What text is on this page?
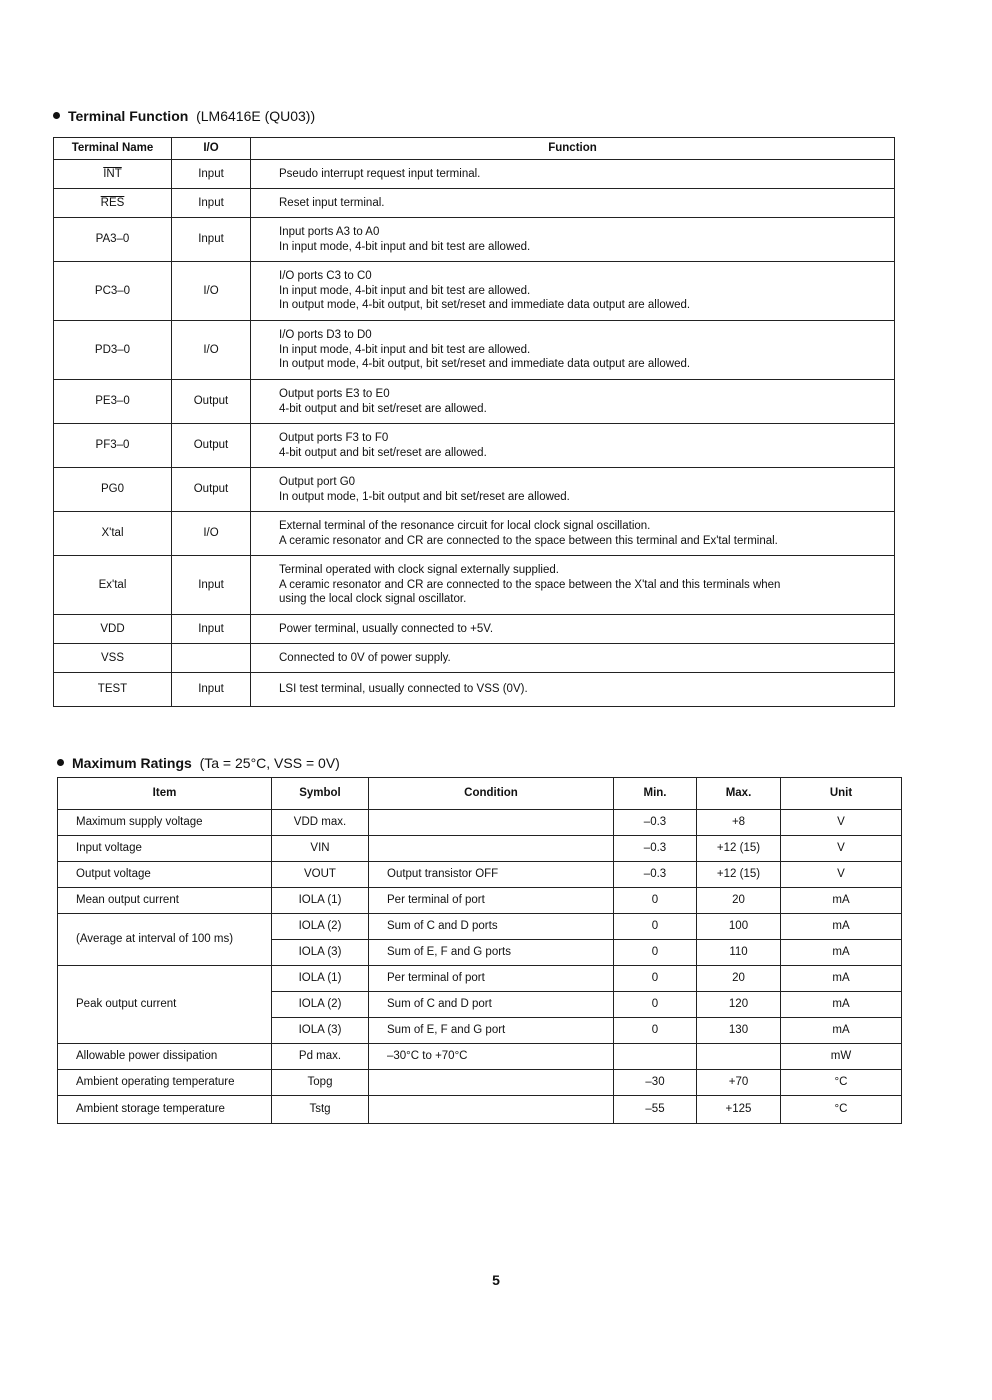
Terminal Function (LM6416E (QU03))
Terminal Name	I/O	Function
$\overline{INT}$	Input	Pseudo interrupt request input terminal.

$\overline{RES}$	Input	Reset input terminal.

PA3–0	Input	Input ports A3 to A0
In input mode, 4-bit input and bit test are allowed.

PC3–0	I/O	I/O ports C3 to C0
In input mode, 4-bit input and bit test are allowed.
In output mode, 4-bit output, bit set/reset and immediate data output are allowed.

PD3–0	I/O	I/O ports D3 to D0
In input mode, 4-bit input and bit test are allowed.
In output mode, 4-bit output, bit set/reset and immediate data output are allowed.

PE3–0	Output	Output ports E3 to E0
4-bit output and bit set/reset are allowed.

PF3–0	Output	Output ports F3 to F0
4-bit output and bit set/reset are allowed.

PG0	Output	Output port G0
In output mode, 1-bit output and bit set/reset are allowed.

X'tal	I/O	External terminal of the resonance circuit for local clock signal oscillation.
A ceramic resonator and CR are connected to the space between this terminal and Ex'tal terminal.

Ex'tal	Input	Terminal operated with clock signal externally supplied.
A ceramic resonator and CR are connected to the space between the X'tal and this terminals when
using the local clock signal oscillator.

VDD	Input	Power terminal, usually connected to +5V.

VSS		Connected to 0V of power supply.

TEST	Input	LSI test terminal, usually connected to VSS (0V).
Maximum Ratings (Ta = 25°C, VSS = 0V)
Item	Symbol	Condition	Min.	Max.	Unit
Maximum supply voltage	VDD max.		–0.3	+8	V
Input voltage	VIN		–0.3	+12 (15)	V
Output voltage	VOUT	Output transistor OFF	–0.3	+12 (15)	V
Mean output current	IOLA (1)	Per terminal of port	0	20	mA
(Average at interval of 100 ms)	IOLA (2)	Sum of C and D ports	0	100	mA
	IOLA (3)	Sum of E, F and G ports	0	110	mA
Peak output current	IOLA (1)	Per terminal of port	0	20	mA
	IOLA (2)	Sum of C and D port	0	120	mA
	IOLA (3)	Sum of E, F and G port	0	130	mA
Allowable power dissipation	Pd max.	–30°C to +70°C			mW
Ambient operating temperature	Topg		–30	+70	°C
Ambient storage temperature	Tstg		–55	+125	°C
5
